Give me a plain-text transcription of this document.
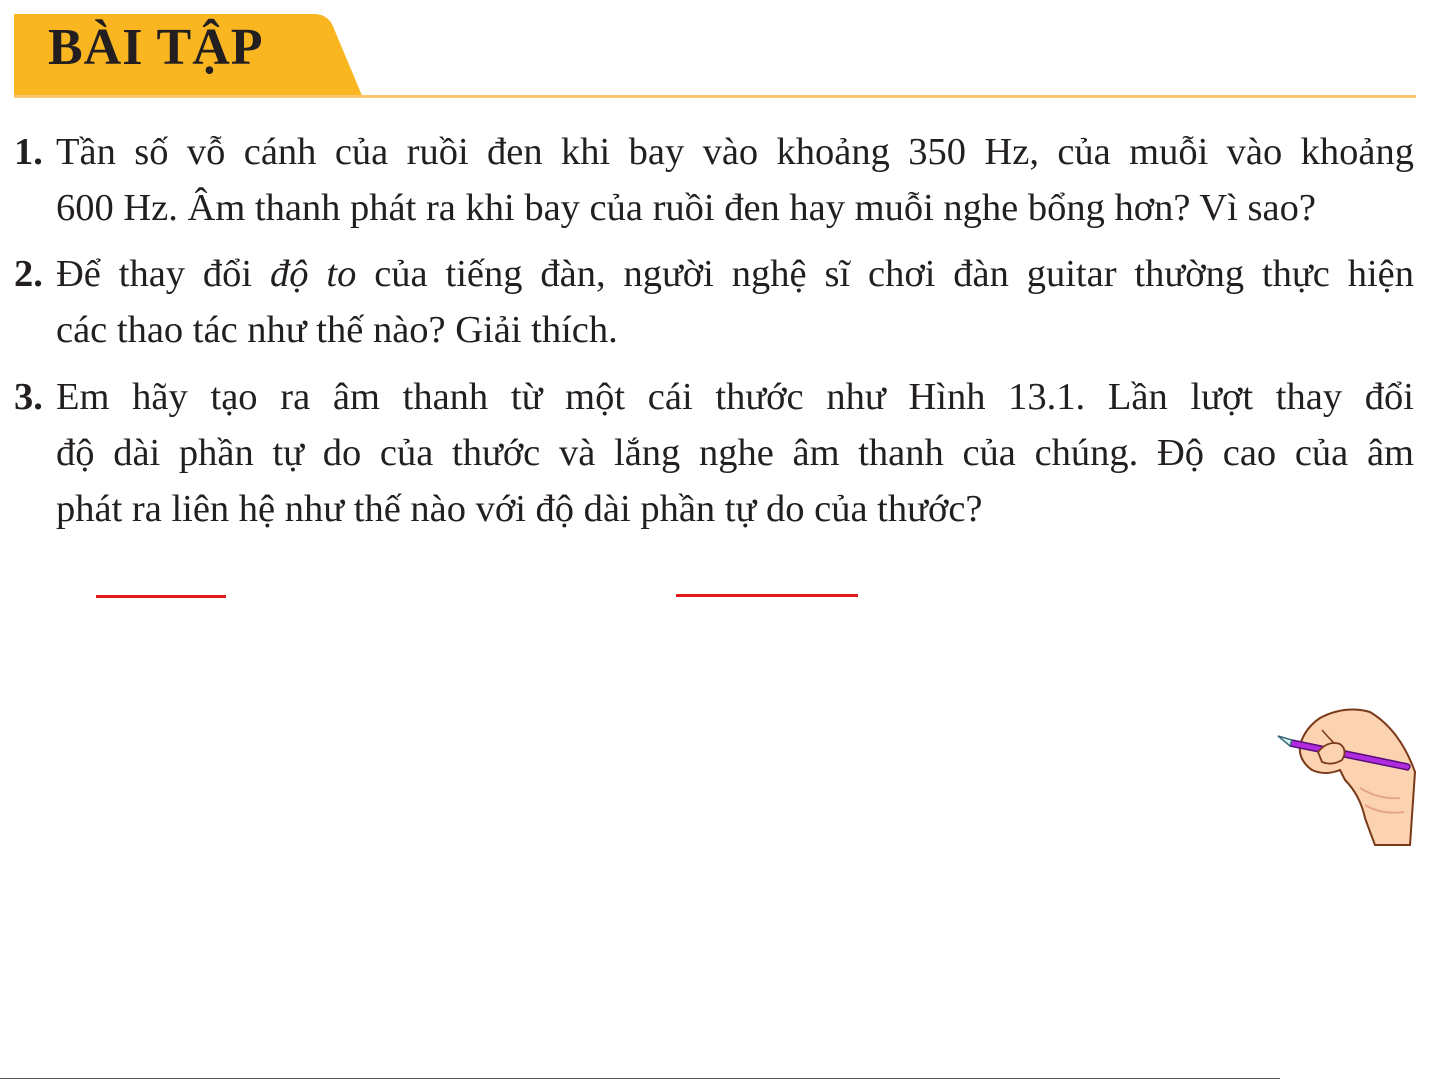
BÀI TẬP
1. Tần số vỗ cánh của ruồi đen khi bay vào khoảng 350 Hz, của muỗi vào khoảng
600 Hz. Âm thanh phát ra khi bay của ruồi đen hay muỗi nghe bổng hơn? Vì sao?
2. Để thay đổi độ to của tiếng đàn, người nghệ sĩ chơi đàn guitar thường thực hiện
các thao tác như thế nào? Giải thích.
3. Em hãy tạo ra âm thanh từ một cái thước như Hình 13.1. Lần lượt thay đổi
độ dài phần tự do của thước và lắng nghe âm thanh của chúng. Độ cao của âm
phát ra liên hệ như thế nào với độ dài phần tự do của thước?
